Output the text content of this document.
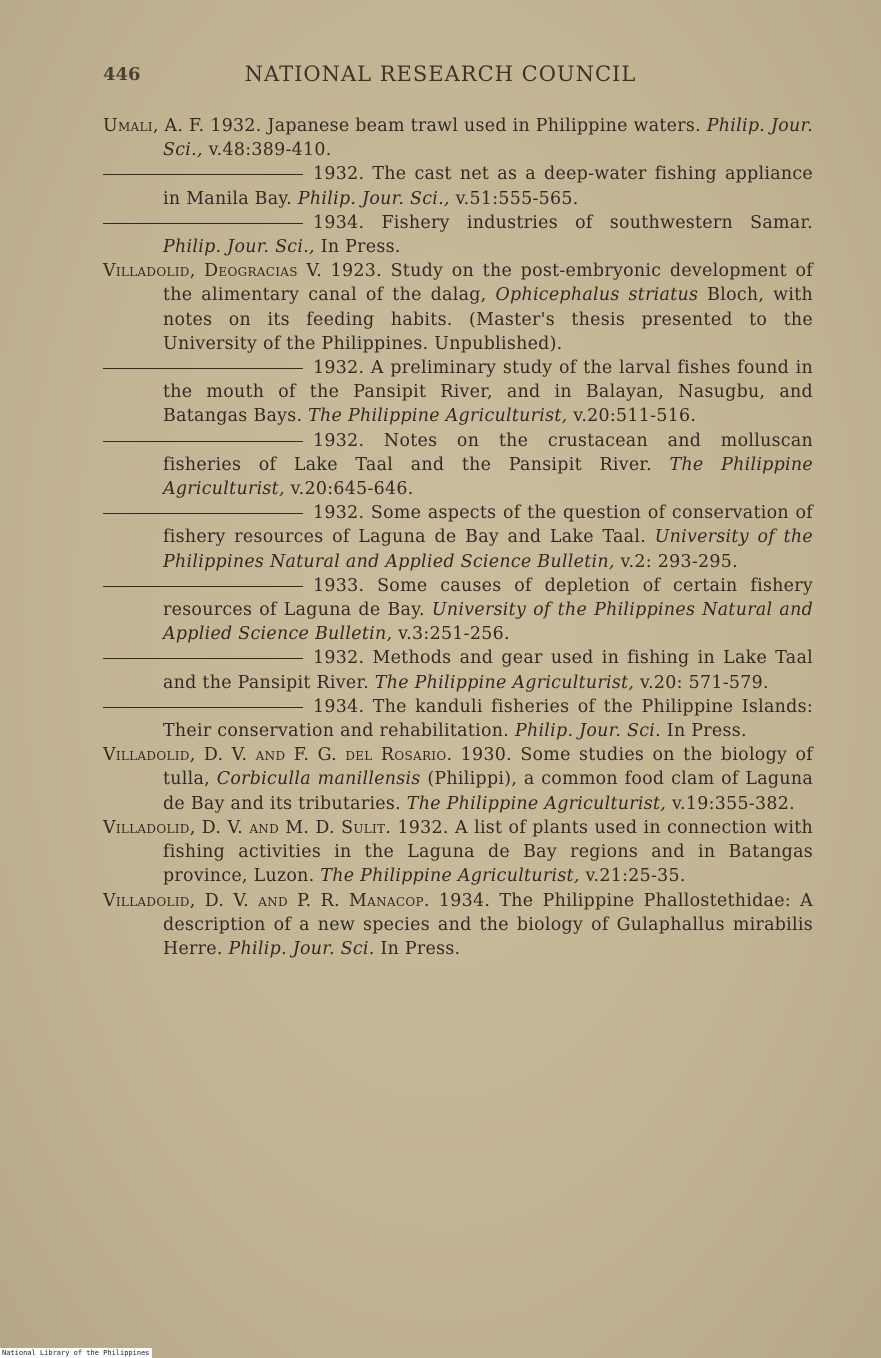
446	NATIONAL RESEARCH COUNCIL

Umali, A. F. 1932. Japanese beam trawl used in Philippine waters. Philip. Jour. Sci., v.48:389-410.

1932. The cast net as a deep-water fishing appliance in Manila Bay. Philip. Jour. Sci., v.51:555-565.

1934. Fishery industries of southwestern Samar. Philip. Jour. Sci., In Press.

Villadolid, Deogracias V. 1923. Study on the post-embryonic development of the alimentary canal of the dalag, Ophicephalus striatus Bloch, with notes on its feeding habits. (Master's thesis presented to the University of the Philippines. Unpublished).

1932. A preliminary study of the larval fishes found in the mouth of the Pansipit River, and in Balayan, Nasugbu, and Batangas Bays. The Philippine Agriculturist, v.20:511-516.

1932. Notes on the crustacean and molluscan fisheries of Lake Taal and the Pansipit River. The Philippine Agriculturist, v.20:645-646.

1932. Some aspects of the question of conservation of fishery resources of Laguna de Bay and Lake Taal. University of the Philippines Natural and Applied Science Bulletin, v.2: 293-295.

1933. Some causes of depletion of certain fishery resources of Laguna de Bay. University of the Philippines Natural and Applied Science Bulletin, v.3:251-256.

1932. Methods and gear used in fishing in Lake Taal and the Pansipit River. The Philippine Agriculturist, v.20: 571-579.

1934. The kanduli fisheries of the Philippine Islands: Their conservation and rehabilitation. Philip. Jour. Sci. In Press.

Villadolid, D. V. and F. G. del Rosario. 1930. Some studies on the biology of tulla, Corbiculla manillensis (Philippi), a common food clam of Laguna de Bay and its tributaries. The Philippine Agriculturist, v.19:355-382.

Villadolid, D. V. and M. D. Sulit. 1932. A list of plants used in connection with fishing activities in the Laguna de Bay regions and in Batangas province, Luzon. The Philippine Agriculturist, v.21:25-35.

Villadolid, D. V. and P. R. Manacop. 1934. The Philippine Phallostethidae: A description of a new species and the biology of Gulaphallus mirabilis Herre. Philip. Jour. Sci. In Press.

National Library of the Philippines
